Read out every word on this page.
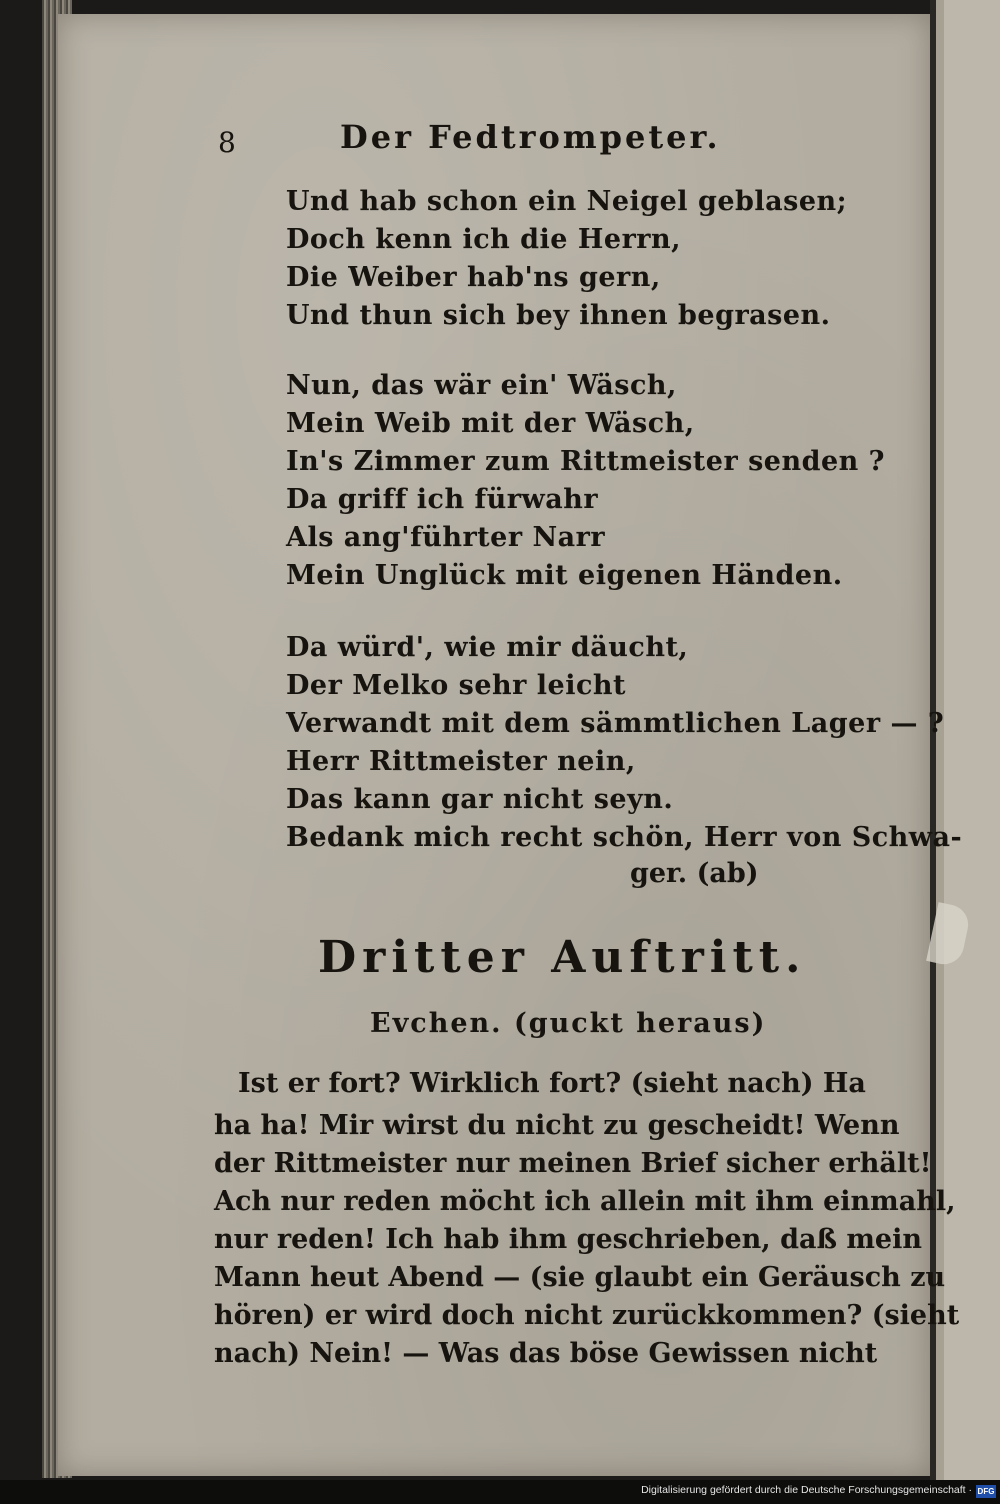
8	Der Fedtrompeter.
Und hab schon ein Neigel geblasen;
Doch kenn ich die Herrn,
Die Weiber hab'ns gern,
Und thun sich bey ihnen begrasen.
Nun, das wär ein' Wäsch,
Mein Weib mit der Wäsch,
In's Zimmer zum Rittmeister senden ?
Da griff ich fürwahr
Als ang'führter Narr
Mein Unglück mit eigenen Händen.
Da würd', wie mir däucht,
Der Melko sehr leicht
Verwandt mit dem sämmtlichen Lager — ?
Herr Rittmeister nein,
Das kann gar nicht seyn.
Bedank mich recht schön, Herr von Schwa-
ger. (ab)
Dritter Auftritt.
Evchen. (guckt heraus)
Ist er fort? Wirklich fort? (sieht nach) Ha
ha ha! Mir wirst du nicht zu gescheidt! Wenn
der Rittmeister nur meinen Brief sicher erhält!
Ach nur reden möcht ich allein mit ihm einmahl,
nur reden! Ich hab ihm geschrieben, daß mein
Mann heut Abend — (sie glaubt ein Geräusch zu
hören) er wird doch nicht zurückkommen? (sieht
nach) Nein! — Was das böse Gewissen nicht
Digitalisierung gefördert durch die Deutsche Forschungsgemeinschaft · DFG
